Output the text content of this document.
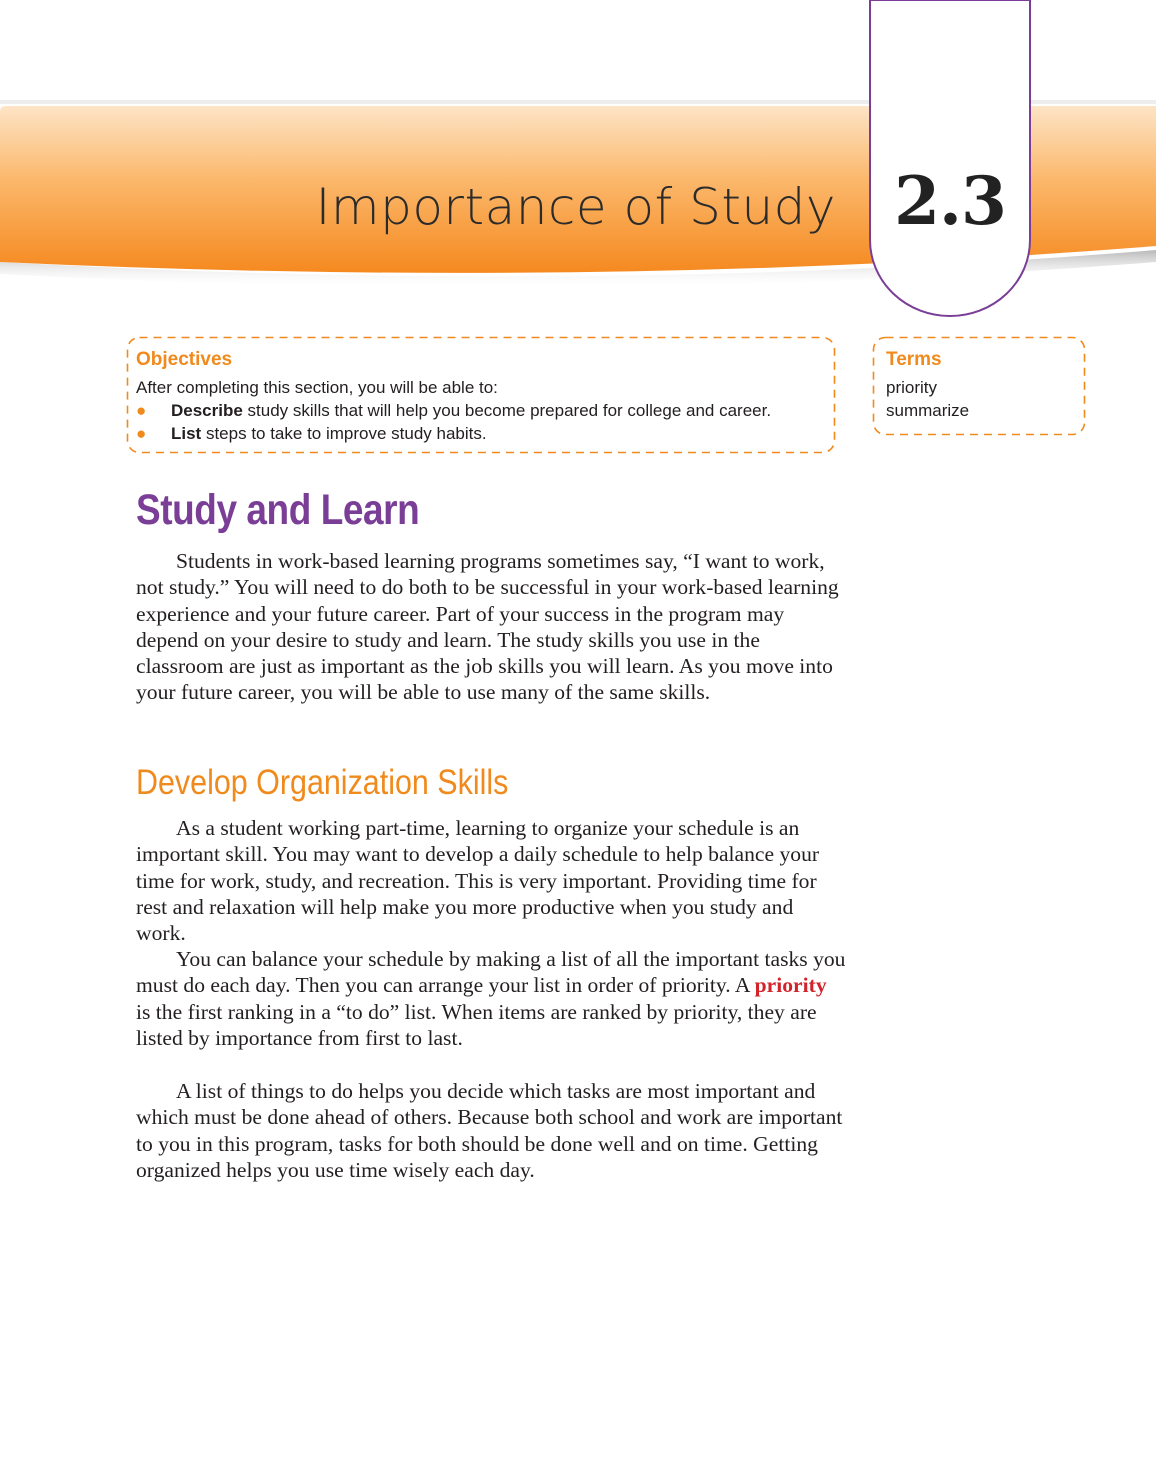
Importance of Study 2.3
Objectives
After completing this section, you will be able to:
● Describe study skills that will help you become prepared for college and career.
● List steps to take to improve study habits.
Terms
priority
summarize
Study and Learn

Students in work-based learning programs sometimes say, “I want to work, not study.” You will need to do both to be successful in your work-based learning experience and your future career. Part of your success in the program may depend on your desire to study and learn. The study skills you use in the classroom are just as important as the job skills you will learn. As you move into your future career, you will be able to use many of the same skills.

Develop Organization Skills

As a student working part-time, learning to organize your schedule is an important skill. You may want to develop a daily schedule to help balance your time for work, study, and recreation. This is very important. Providing time for rest and relaxation will help make you more productive when you study and work.

You can balance your schedule by making a list of all the important tasks you must do each day. Then you can arrange your list in order of priority. A priority is the first ranking in a “to do” list. When items are ranked by priority, they are listed by importance from first to last.

A list of things to do helps you decide which tasks are most important and which must be done ahead of others. Because both school and work are important to you in this program, tasks for both should be done well and on time. Getting organized helps you use time wisely each day.
